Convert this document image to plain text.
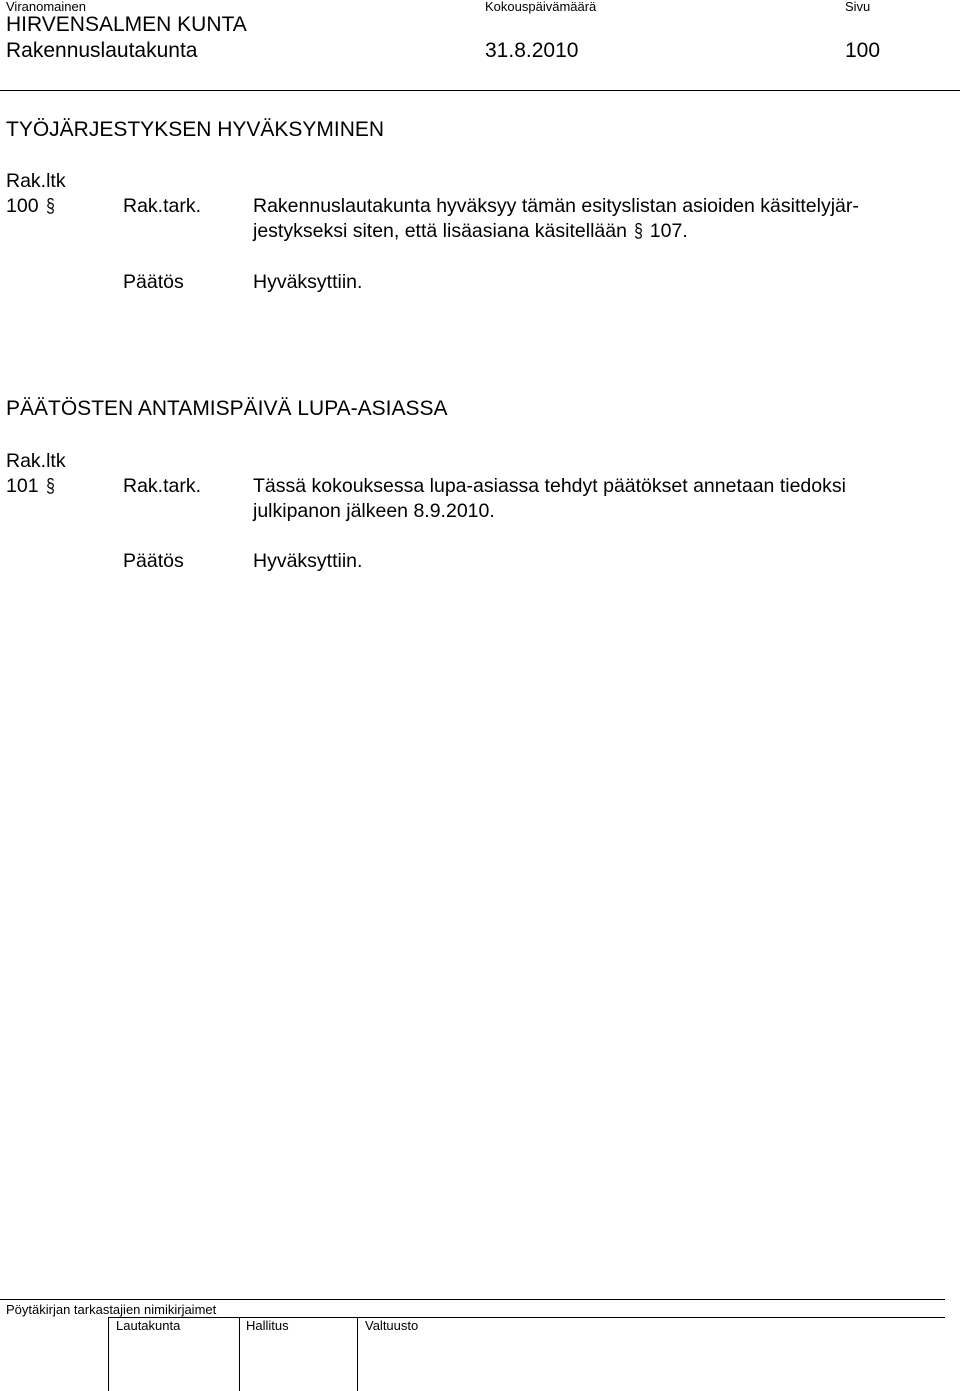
Viranomainen	Kokouspäivämäärä	Sivu
HIRVENSALMEN KUNTA
Rakennuslautakunta	31.8.2010	100
TYÖJÄRJESTYKSEN HYVÄKSYMINEN
Rak.ltk
100 §	Rak.tark.	Rakennuslautakunta hyväksyy tämän esityslistan asioiden käsittelyjär-
jestykseksi siten, että lisäasiana käsitellään § 107.
Päätös	Hyväksyttiin.
PÄÄTÖSTEN ANTAMISPÄIVÄ LUPA-ASIASSA
Rak.ltk
101 §	Rak.tark.	Tässä kokouksessa lupa-asiassa tehdyt päätökset annetaan tiedoksi
julkipanon jälkeen 8.9.2010.
Päätös	Hyväksyttiin.
Pöytäkirjan tarkastajien nimikirjaimet
Lautakunta	Hallitus	Valtuusto
